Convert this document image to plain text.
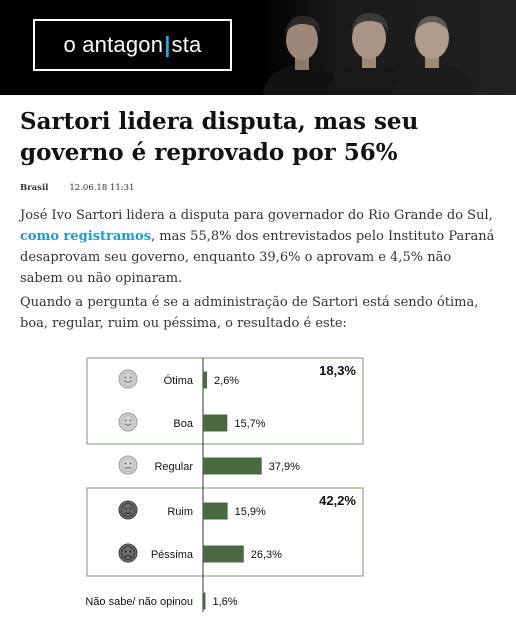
o antagon | sta
Sartori lidera disputa, mas seu governo é reprovado por 56%
Brasil 12.06.18 11:31

José Ivo Sartori lidera a disputa para governador do Rio Grande do Sul, como registramos, mas 55,8% dos entrevistados pelo Instituto Paraná desaprovam seu governo, enquanto 39,6% o aprovam e 4,5% não sabem ou não opinaram.

Quando a pergunta é se a administração de Sartori está sendo ótima, boa, regular, ruim ou péssima, o resultado é este:

18,3%
42,2%
Ótima 2,6%
Boa	15,7%
Regular	37,9%
Ruim	15,9%
Péssima	26,3%
Não sabe/ não opinou 1,6%
